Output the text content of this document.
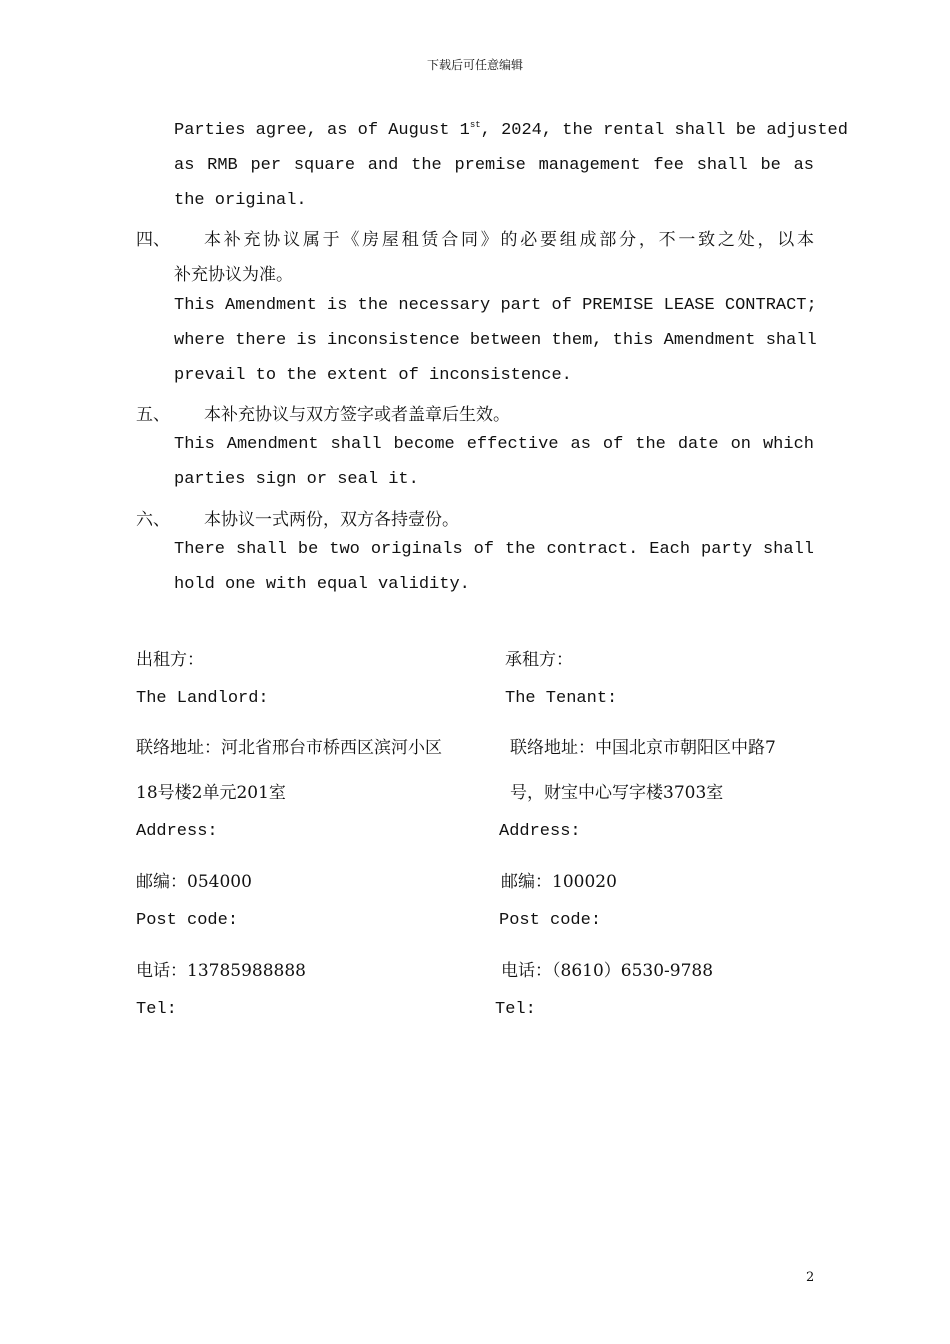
下载后可任意编辑
Parties agree, as of August 1st, 2024, the rental shall be adjusted
as RMB per square and the premise management fee shall be as
the original.
四、 本补充协议属于《房屋租赁合同》的必要组成部分，不一致之处，以本
补充协议为准。
This Amendment is the necessary part of PREMISE LEASE CONTRACT;
where there is inconsistence between them, this Amendment shall
prevail to the extent of inconsistence.
五、 本补充协议与双方签字或者盖章后生效。
This Amendment shall become effective as of the date on which
parties sign or seal it.
六、 本协议一式两份，双方各持壹份。
There shall be two originals of the contract. Each party shall
hold one with equal validity.
出租方：
The Landlord:
联络地址：河北省邢台市桥西区滨河小区
18号楼2单元201室
Address:
邮编：054000
Post code:
电话：13785988888
Tel:
承租方：
The Tenant:
联络地址：中国北京市朝阳区中路7
号，财宝中心写字楼3703室
Address:
邮编：100020
Post code:
电话：（8610）6530-9788
Tel:
2
